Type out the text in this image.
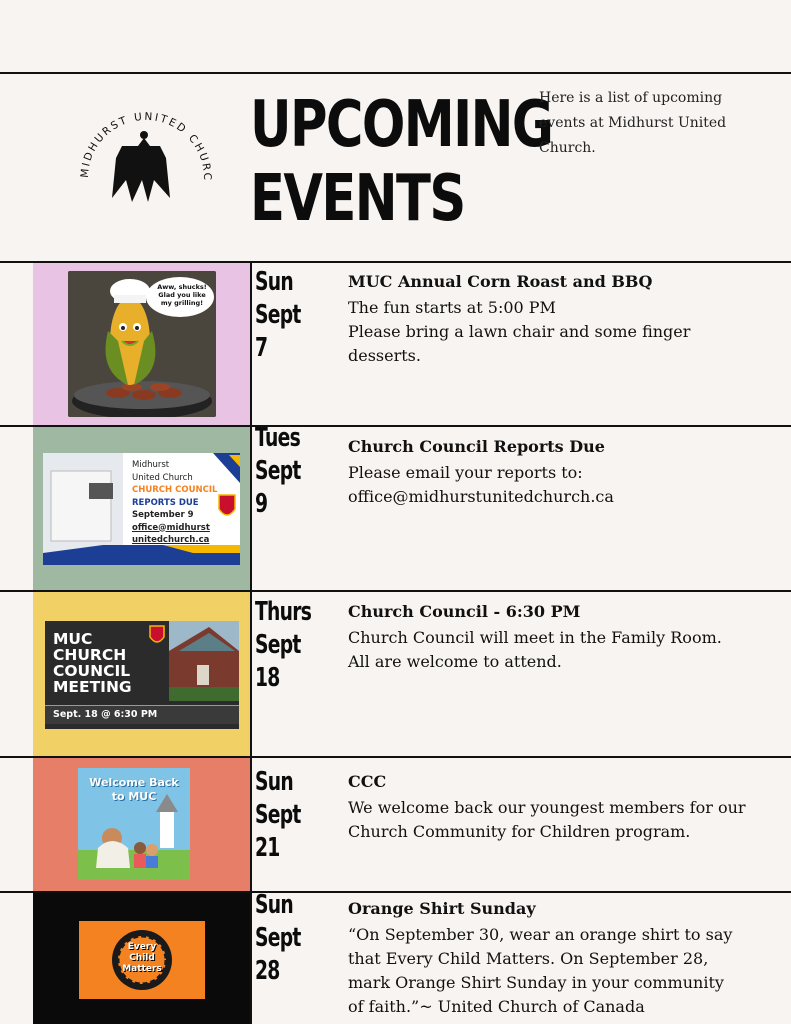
MIDHURST UNITED CHURC
UPCOMING
EVENTS
Here is a list of upcoming events at Midhurst United Church.
Aww, shucks!
Glad you like
my grilling!
Sun
Sept
7
MUC Annual Corn Roast and BBQ
The fun starts at 5:00 PM
Please bring a lawn chair and some finger desserts.
Midhurst
United Church
CHURCH COUNCIL
REPORTS DUE
September 9
office@midhurst
unitedchurch.ca
Tues
Sept
9
Church Council Reports Due
Please email your reports to:
office@midhurstunitedchurch.ca
MUC
CHURCH
COUNCIL
MEETING
Sept. 18 @ 6:30 PM
Thurs
Sept
18
Church Council - 6:30 PM
Church Council will meet in the Family Room.
All are welcome to attend.
Welcome Back
to MUC	Sun
Sept
21
CCC
We welcome back our youngest members for our Church Community for Children program.
Every
Child
Matters
Sun
Sept
28
Orange Shirt Sunday
“On September 30, wear an orange shirt to say that Every Child Matters. On September 28, mark Orange Shirt Sunday in your community of faith.”~ United Church of Canada
